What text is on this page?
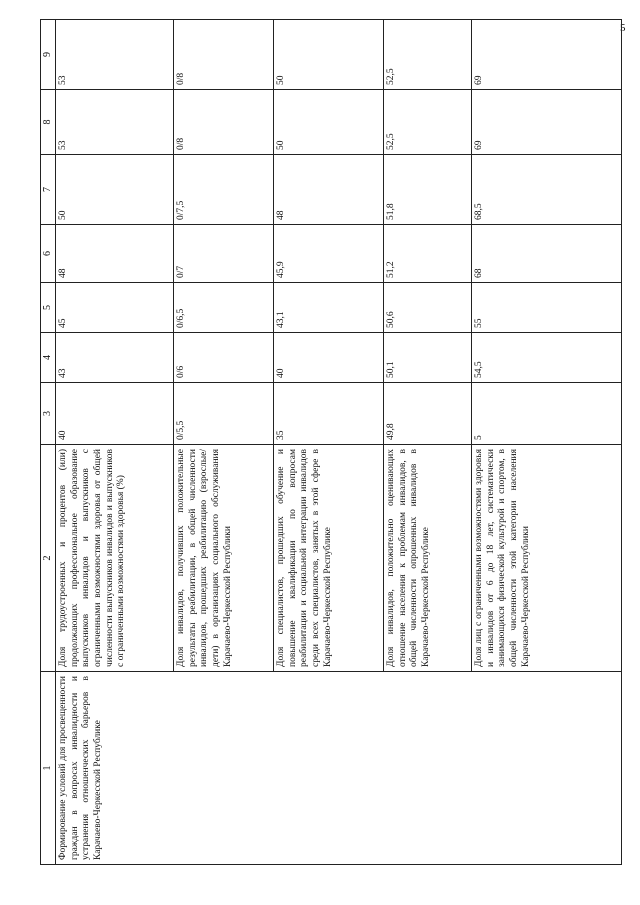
5
1	2	3	4	5	6	7	8	9
Формирование условий для просвещенности граждан в вопросах инвалидности и устранения отношенческих барьеров в Карачаево-Черкесской Республике	Доля трудоустроенных и процентов (или) продолжающих профессиональное образование выпускников инвалидов и выпускников с ограниченными возможностями здоровья от общей численности выпускников инвалидов и выпускников с ограниченными возможностями здоровья (%)	40	43	45	48	50	53	53
	Доля инвалидов, получивших положительные результаты реабилитации, в общей численности инвалидов, прошедших реабилитацию (взрослые/дети) в организациях социального обслуживания Карачаево-Черкесской Республики	0/5,5	0/6	0/6,5	0/7	0/7,5	0/8	0/8
	Доля специалистов, прошедших обучение и повышение квалификации по вопросам реабилитации и социальной интеграции инвалидов среди всех специалистов, занятых в этой сфере в Карачаево-Черкесской Республике	35	40	43,1	45,9	48	50	50
	Доля инвалидов, положительно оценивающих отношение населения к проблемам инвалидов, в общей численности опрошенных инвалидов в Карачаево-Черкесской Республике	49,8	50,1	50,6	51,2	51,8	52,5	52,5
	Доля лиц с ограниченными возможностями здоровья и инвалидов от 6 до 18 лет, систематически занимающихся физической культурой и спортом, в общей численности этой категории населения Карачаево-Черкесской Республики	5	54,5	55	68	68,5	69	69
